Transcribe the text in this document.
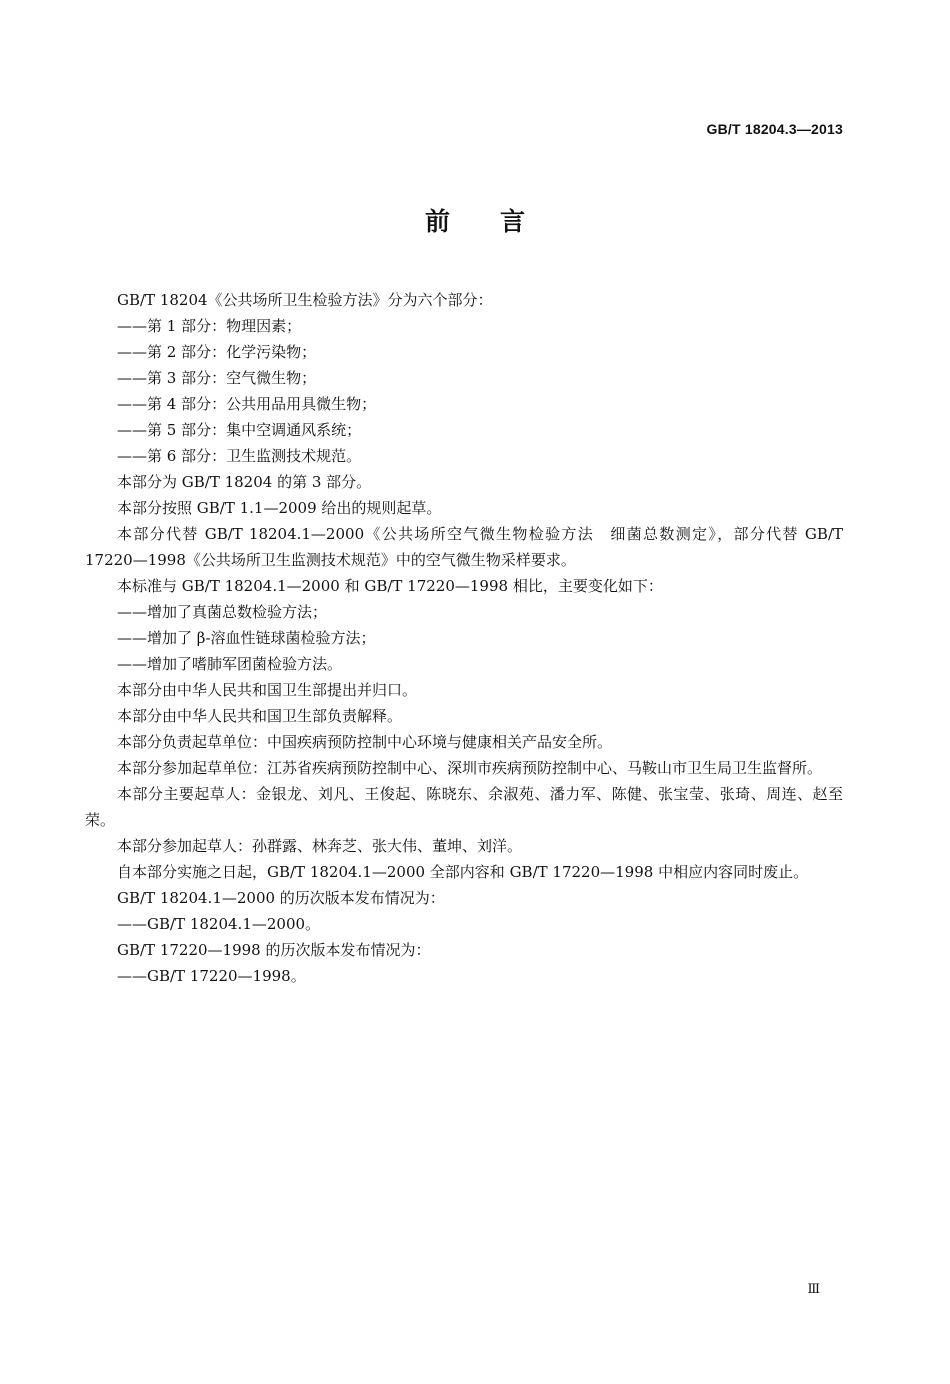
GB/T 18204.3—2013
前　　言
GB/T 18204《公共场所卫生检验方法》分为六个部分：
——第 1 部分：物理因素；
——第 2 部分：化学污染物；
——第 3 部分：空气微生物；
——第 4 部分：公共用品用具微生物；
——第 5 部分：集中空调通风系统；
——第 6 部分：卫生监测技术规范。
本部分为 GB/T 18204 的第 3 部分。
本部分按照 GB/T 1.1—2009 给出的规则起草。

本部分代替 GB/T 18204.1—2000《公共场所空气微生物检验方法　细菌总数测定》，部分代替 GB/T 17220—1998《公共场所卫生监测技术规范》中的空气微生物采样要求。

本标准与 GB/T 18204.1—2000 和 GB/T 17220—1998 相比，主要变化如下：
——增加了真菌总数检验方法；
——增加了 β-溶血性链球菌检验方法；
——增加了嗜肺军团菌检验方法。
本部分由中华人民共和国卫生部提出并归口。
本部分由中华人民共和国卫生部负责解释。
本部分负责起草单位：中国疾病预防控制中心环境与健康相关产品安全所。

本部分参加起草单位：江苏省疾病预防控制中心、深圳市疾病预防控制中心、马鞍山市卫生局卫生监督所。

本部分主要起草人：金银龙、刘凡、王俊起、陈晓东、余淑苑、潘力军、陈健、张宝莹、张琦、周连、赵至荣。

本部分参加起草人：孙群露、林奔芝、张大伟、董坤、刘洋。

自本部分实施之日起，GB/T 18204.1—2000 全部内容和 GB/T 17220—1998 中相应内容同时废止。

GB/T 18204.1—2000 的历次版本发布情况为：
——GB/T 18204.1—2000。
GB/T 17220—1998 的历次版本发布情况为：
——GB/T 17220—1998。
Ⅲ
